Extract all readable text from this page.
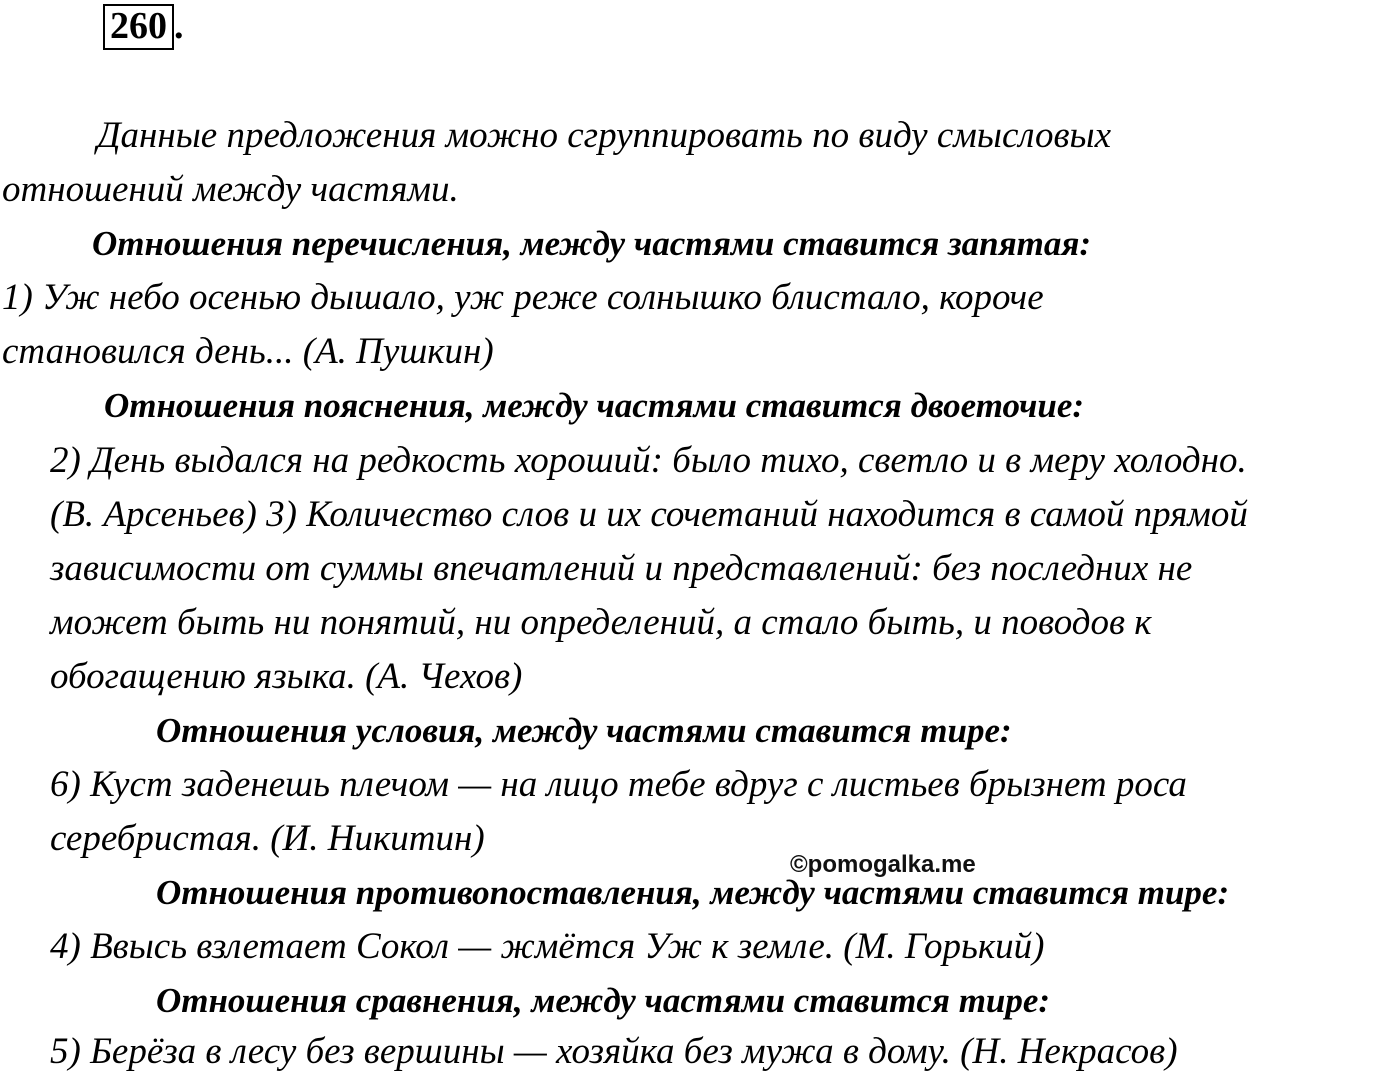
260 .
Данные предложения можно сгруппировать по виду смысловых
отношений между частями.
Отношения перечисления, между частями ставится запятая:
1) Уж небо осенью дышало, уж реже солнышко блистало, короче
становился день... (А. Пушкин)
Отношения пояснения, между частями ставится двоеточие:
2) День выдался на редкость хороший: было тихо, светло и в меру холодно.
(В. Арсеньев) 3) Количество слов и их сочетаний находится в самой прямой
зависимости от суммы впечатлений и представлений: без последних не
может быть ни понятий, ни определений, а стало быть, и поводов к
обогащению языка. (А. Чехов)
Отношения условия, между частями ставится тире:
6) Куст заденешь плечом — на лицо тебе вдруг с листьев брызнет роса
серебристая. (И. Никитин)
Отношения противопоставления, между частями ставится тире:
4) Ввысь взлетает Сокол — жмётся Уж к земле. (М. Горький)
Отношения сравнения, между частями ставится тире:
5) Берёза в лесу без вершины — хозяйка без мужа в дому. (Н. Некрасов)
©pomogalka.me
